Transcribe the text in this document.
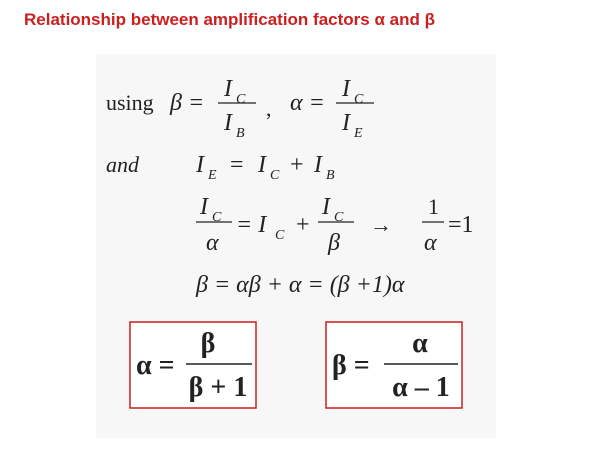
Relationship between amplification factors α and β
using β =
I C
I B
, α =
I C
I E
and I E = I C + I B
I C
α
= I C +
I C
β
→
1
α
=1
β = αβ + α = (β +1)α
α =
β
β + 1
β =
α
α – 1
